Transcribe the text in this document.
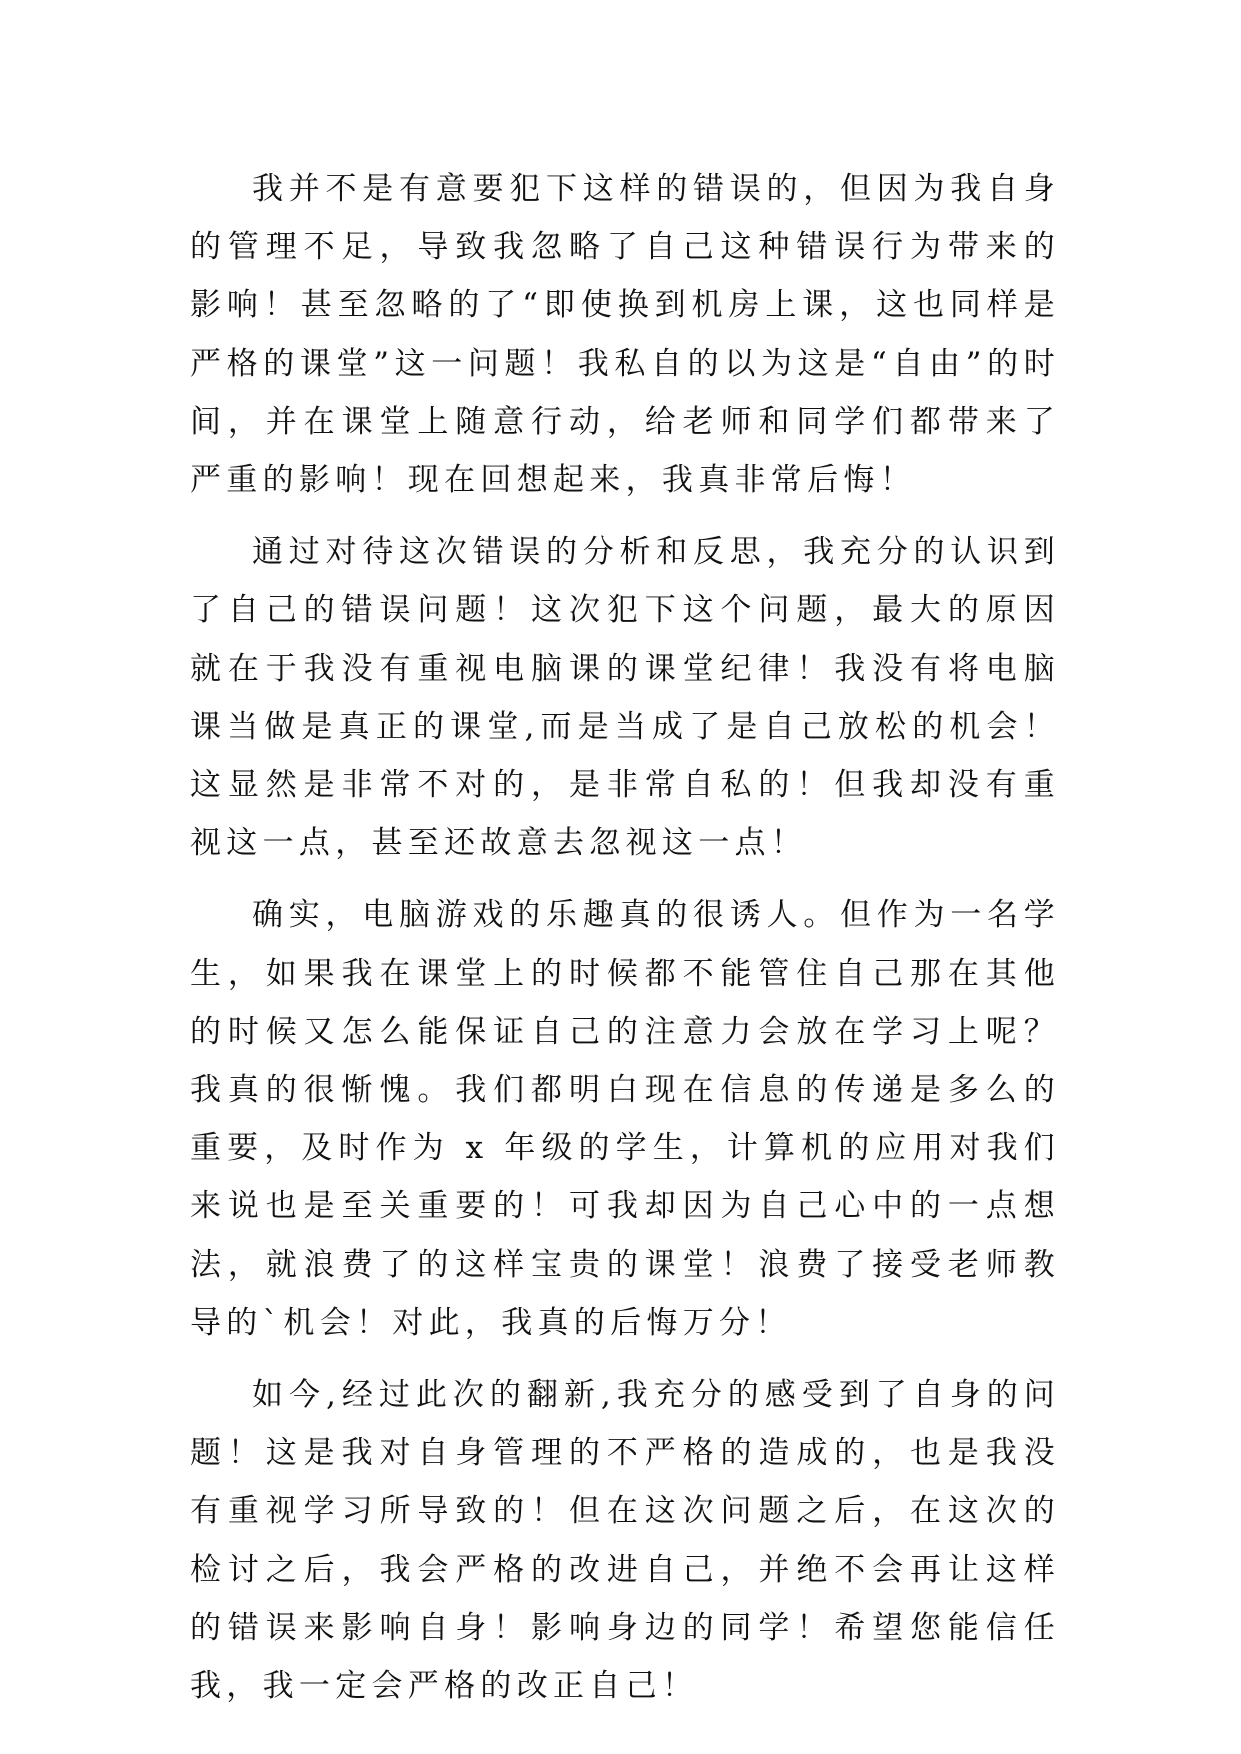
我并不是有意要犯下这样的错误的，但因为我自身的管理不足，导致我忽略了自己这种错误行为带来的影响！甚至忽略的了“即使换到机房上课，这也同样是严格的课堂”这一问题！我私自的以为这是“自由”的时间，并在课堂上随意行动，给老师和同学们都带来了严重的影响！现在回想起来，我真非常后悔！

通过对待这次错误的分析和反思，我充分的认识到了自己的错误问题！这次犯下这个问题，最大的原因就在于我没有重视电脑课的课堂纪律！我没有将电脑课当做是真正的课堂,而是当成了是自己放松的机会！这显然是非常不对的，是非常自私的！但我却没有重视这一点，甚至还故意去忽视这一点！

确实，电脑游戏的乐趣真的很诱人。但作为一名学生，如果我在课堂上的时候都不能管住自己那在其他的时候又怎么能保证自己的注意力会放在学习上呢？我真的很惭愧。我们都明白现在信息的传递是多么的重要，及时作为 x 年级的学生，计算机的应用对我们来说也是至关重要的！可我却因为自己心中的一点想法，就浪费了的这样宝贵的课堂！浪费了接受老师教导的`机会！对此，我真的后悔万分！

如今,经过此次的翻新,我充分的感受到了自身的问题！这是我对自身管理的不严格的造成的，也是我没有重视学习所导致的！但在这次问题之后，在这次的检讨之后，我会严格的改进自己，并绝不会再让这样的错误来影响自身！影响身边的同学！希望您能信任我，我一定会严格的改正自己！
